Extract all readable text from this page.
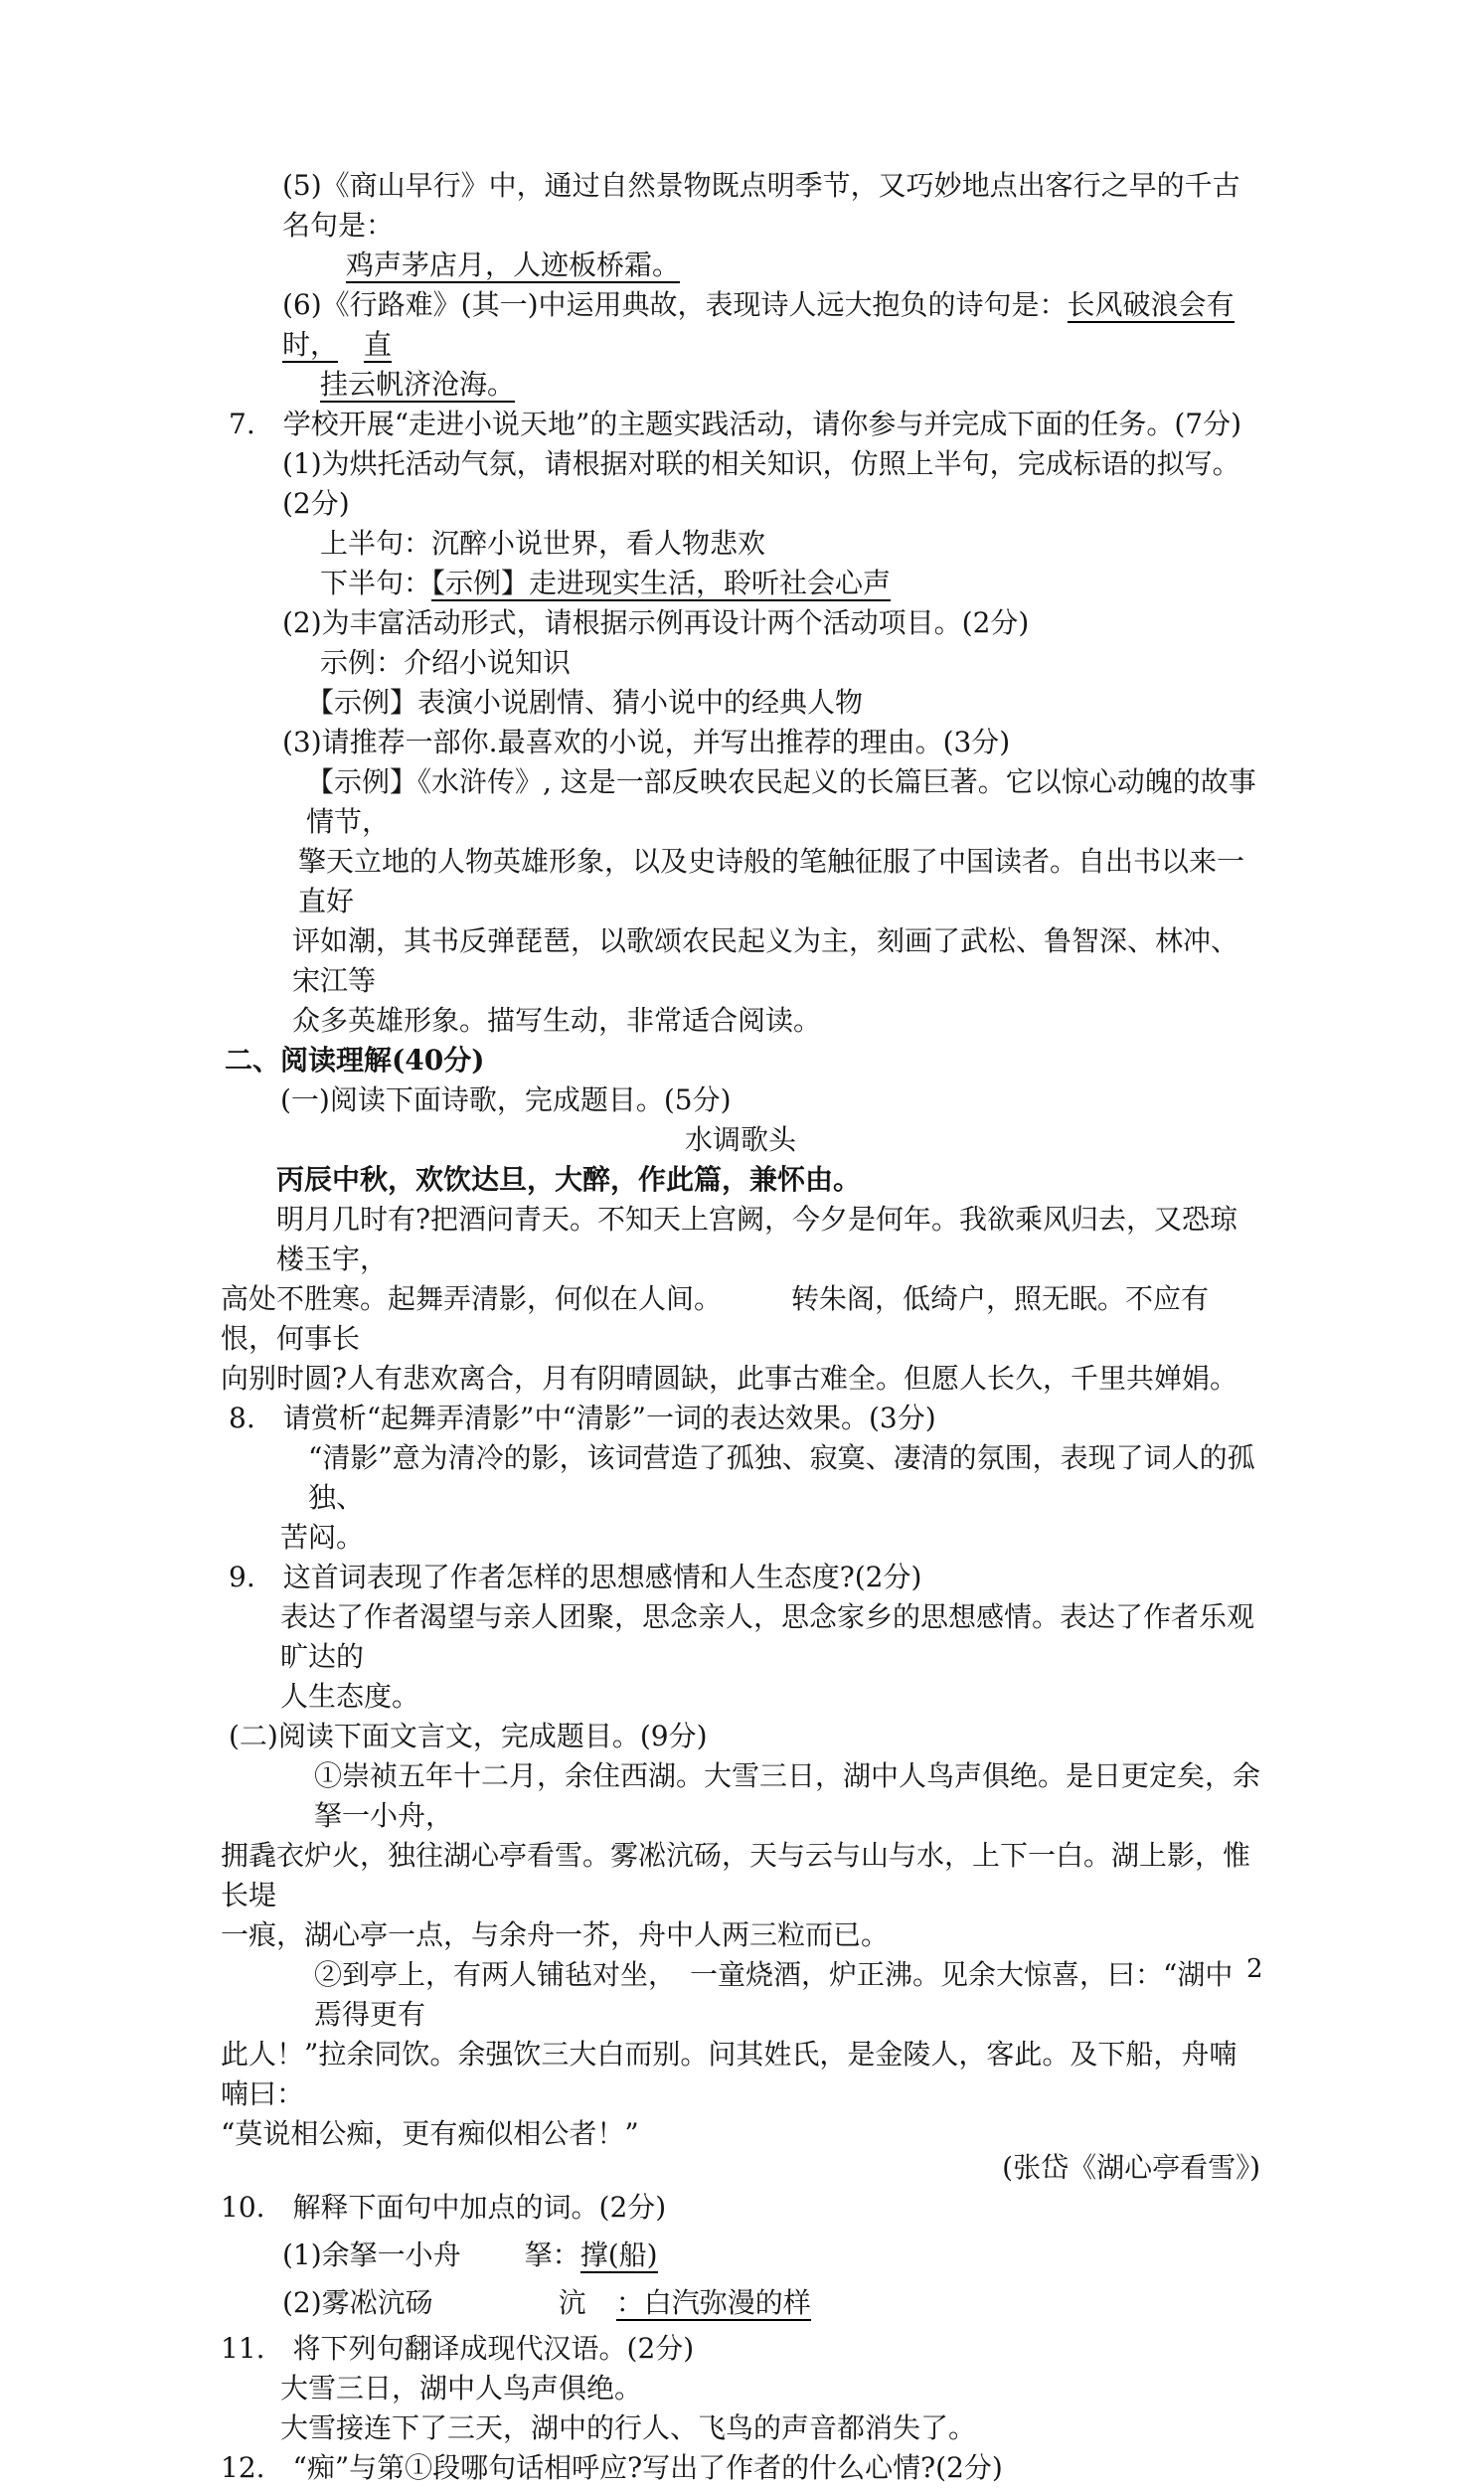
(5)《商山早行》中，通过自然景物既点明季节，又巧妙地点出客行之早的千古名句是：
鸡声茅店月，人迹板桥霜。
(6)《行路难》(其一)中运用典故，表现诗人远大抱负的诗句是：长风破浪会有时， 直
挂云帆济沧海。
7.　学校开展“走进小说天地”的主题实践活动，请你参与并完成下面的任务。(7分)
(1)为烘托活动气氛，请根据对联的相关知识，仿照上半句，完成标语的拟写。(2分)
上半句：沉醉小说世界，看人物悲欢
下半句：【示例】走进现实生活，聆听社会心声
(2)为丰富活动形式，请根据示例再设计两个活动项目。(2分)
示例：介绍小说知识
【示例】表演小说剧情、猜小说中的经典人物
(3)请推荐一部你.最喜欢的小说，并写出推荐的理由。(3分)
【示例】《水浒传》, 这是一部反映农民起义的长篇巨著。它以惊心动魄的故事情节，
擎天立地的人物英雄形象，以及史诗般的笔触征服了中国读者。自出书以来一直好
评如潮，其书反弹琵琶，以歌颂农民起义为主，刻画了武松、鲁智深、林冲、宋江等
众多英雄形象。描写生动，非常适合阅读。
二、阅读理解(40分)
(一)阅读下面诗歌，完成题目。(5分)
水调歌头
丙辰中秋，欢饮达旦，大醉，作此篇，兼怀由。
明月几时有?把酒问青天。不知天上宫阙，今夕是何年。我欲乘风归去，又恐琼楼玉宇，
高处不胜寒。起舞弄清影，何似在人间。　　　转朱阁，低绮户，照无眠。不应有恨，何事长
向别时圆?人有悲欢离合，月有阴晴圆缺，此事古难全。但愿人长久，千里共婵娟。
8.　请赏析“起舞弄清影”中“清影”一词的表达效果。(3分)
“清影”意为清冷的影，该词营造了孤独、寂寞、凄清的氛围，表现了词人的孤独、
苦闷。
9.　这首词表现了作者怎样的思想感情和人生态度?(2分)
表达了作者渴望与亲人团聚，思念亲人，思念家乡的思想感情。表达了作者乐观旷达的
人生态度。
(二)阅读下面文言文，完成题目。(9分)
①崇祯五年十二月，余住西湖。大雪三日，湖中人鸟声俱绝。是日更定矣，余拏一小舟，
拥毳衣炉火，独往湖心亭看雪。雾凇沆砀，天与云与山与水，上下一白。湖上影，惟长堤
一痕，湖心亭一点，与余舟一芥，舟中人两三粒而已。
②到亭上，有两人铺毡对坐，　一童烧酒，炉正沸。见余大惊喜，曰：“湖中焉得更有
此人！”拉余同饮。余强饮三大白而别。问其姓氏，是金陵人，客此。及下船，舟喃喃曰：
“莫说相公痴，更有痴似相公者！”
(张岱《湖心亭看雪》)
10.　解释下面句中加点的词。(2分)
(1)余拏一小舟 拏：撑(船)
(2)雾凇沆砀	沆 ：白汽弥漫的样
11.　将下列句翻译成现代汉语。(2分)
大雪三日，湖中人鸟声俱绝。
大雪接连下了三天，湖中的行人、飞鸟的声音都消失了。
12.　“痴”与第①段哪句话相呼应?写出了作者的什么心情?(2分)
2
